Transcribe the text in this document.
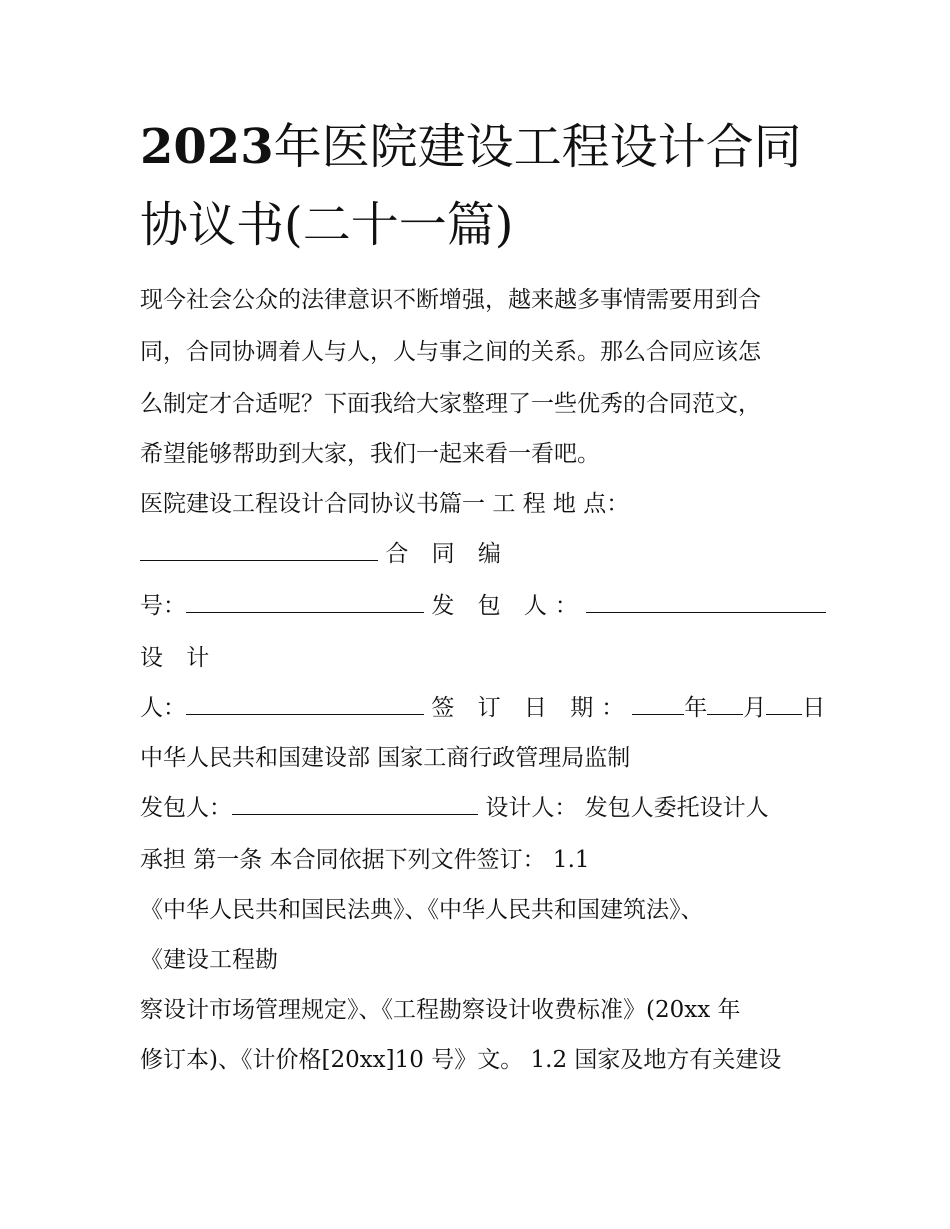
2023年医院建设工程设计合同
协议书(二十一篇)
现今社会公众的法律意识不断增强，越来越多事情需要用到合
同，合同协调着人与人，人与事之间的关系。那么合同应该怎
么制定才合适呢？下面我给大家整理了一些优秀的合同范文，
希望能够帮助到大家，我们一起来看一看吧。
医院建设工程设计合同协议书篇一 工 程 地 点：
合 同 编
号：	发 包 人：
设 计
人：	签 订 日 期： 年 月 日
中华人民共和国建设部 国家工商行政管理局监制
发包人：	设计人： 发包人委托设计人
承担 第一条 本合同依据下列文件签订： 1.1
《中华人民共和国民法典》、《中华人民共和国建筑法》、
《建设工程勘
察设计市场管理规定》、《工程勘察设计收费标准》(20xx 年
修订本)、《计价格[20xx]10 号》文。 1.2 国家及地方有关建设
